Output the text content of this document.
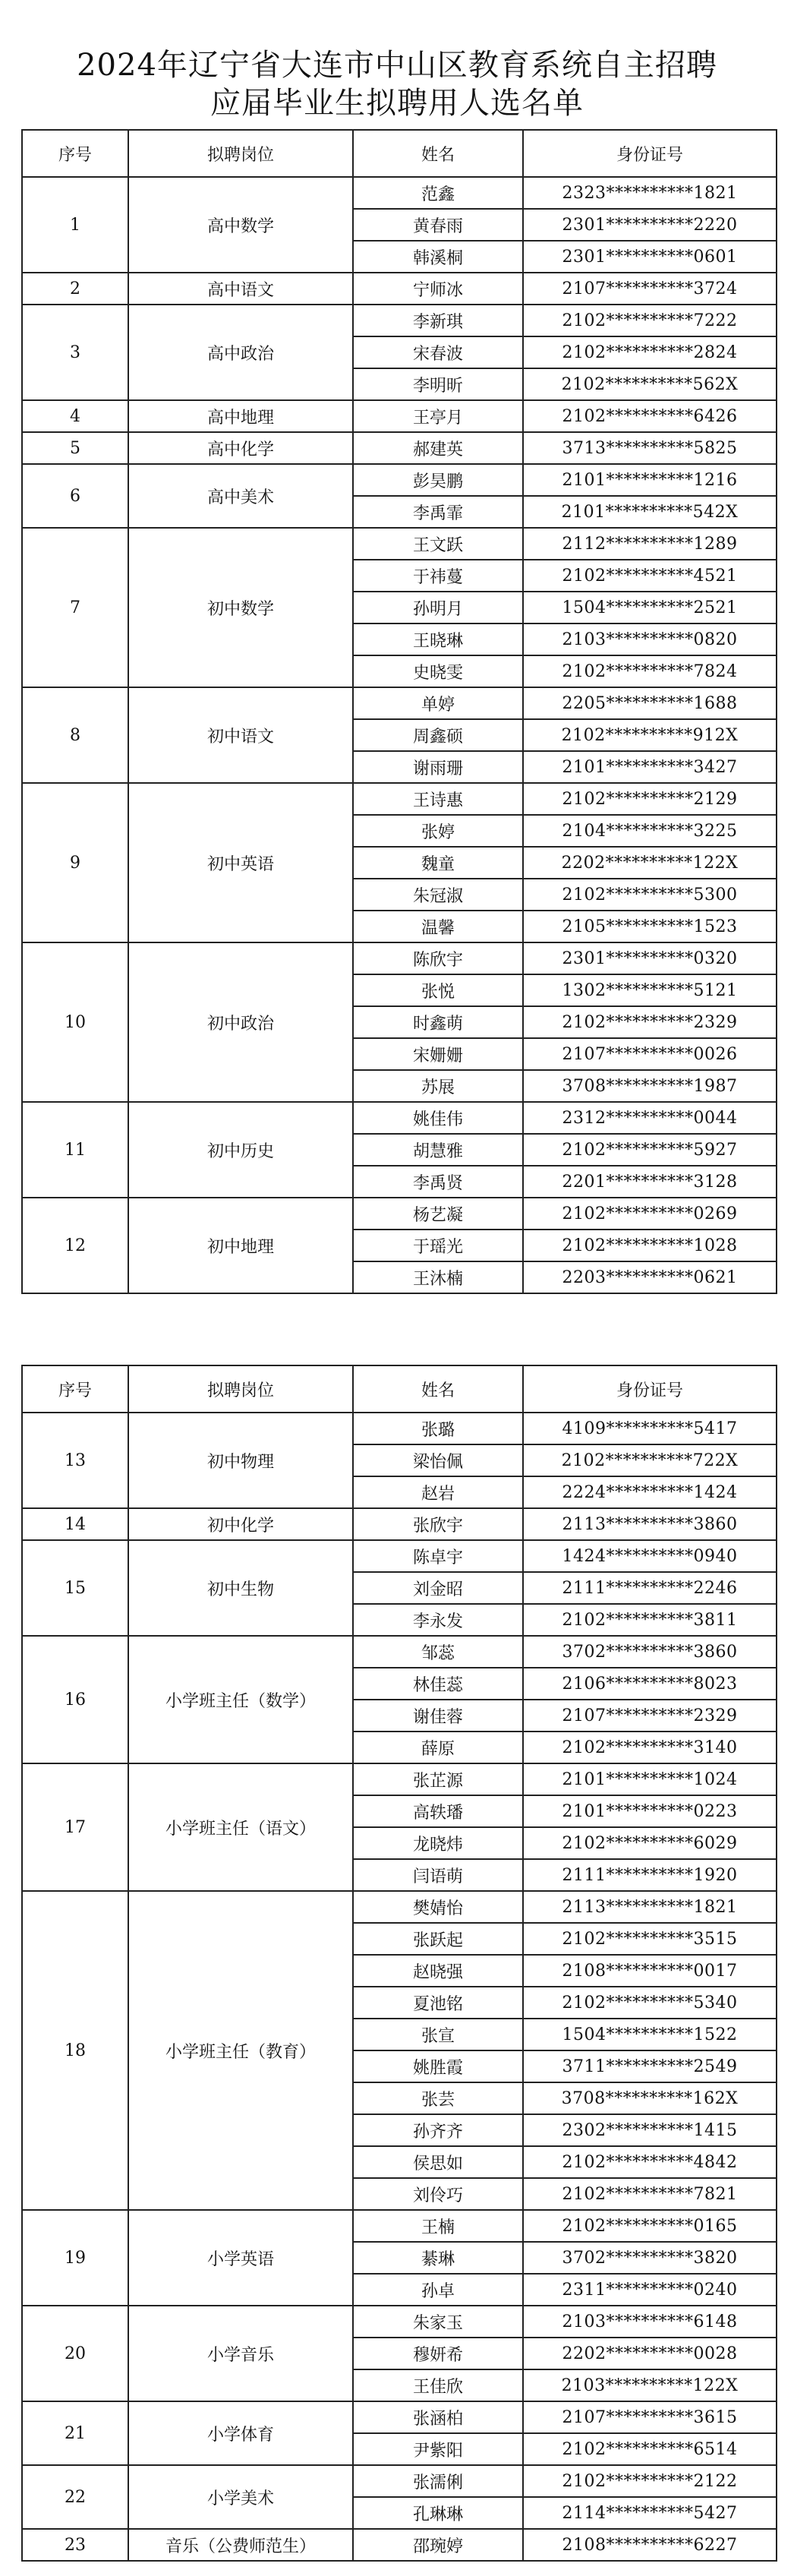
2024年辽宁省大连市中山区教育系统自主招聘
应届毕业生拟聘用人选名单
序号	拟聘岗位	姓名	身份证号
1	高中数学	范鑫	2323**********1821
		黄春雨	2301**********2220
		韩溪桐	2301**********0601
2	高中语文	宁师冰	2107**********3724
3	高中政治	李新琪	2102**********7222
		宋春波	2102**********2824
		李明昕	2102**********562X
4	高中地理	王亭月	2102**********6426
5	高中化学	郝建英	3713**********5825
6	高中美术	彭昊鹏	2101**********1216
		李禹霏	2101**********542X
7	初中数学	王文跃	2112**********1289
		于祎蔓	2102**********4521
		孙明月	1504**********2521
		王晓琳	2103**********0820
		史晓雯	2102**********7824
8	初中语文	单婷	2205**********1688
		周鑫硕	2102**********912X
		谢雨珊	2101**********3427
9	初中英语	王诗惠	2102**********2129
		张婷	2104**********3225
		魏童	2202**********122X
		朱冠淑	2102**********5300
		温馨	2105**********1523
10	初中政治	陈欣宇	2301**********0320
		张悦	1302**********5121
		时鑫萌	2102**********2329
		宋姗姗	2107**********0026
		苏展	3708**********1987
11	初中历史	姚佳伟	2312**********0044
		胡慧雅	2102**********5927
		李禹贤	2201**********3128
12	初中地理	杨艺凝	2102**********0269
		于瑶光	2102**********1028
		王沐楠	2203**********0621
序号	拟聘岗位	姓名	身份证号
13	初中物理	张璐	4109**********5417
		梁怡佩	2102**********722X
		赵岩	2224**********1424
14	初中化学	张欣宇	2113**********3860
15	初中生物	陈卓宇	1424**********0940
		刘金昭	2111**********2246
		李永发	2102**********3811
16	小学班主任（数学）	邹蕊	3702**********3860
		林佳蕊	2106**********8023
		谢佳蓉	2107**********2329
		薛原	2102**********3140
17	小学班主任（语文）	张芷源	2101**********1024
		高轶璠	2101**********0223
		龙晓炜	2102**********6029
		闫语萌	2111**********1920
18	小学班主任（教育）	樊婧怡	2113**********1821
		张跃起	2102**********3515
		赵晓强	2108**********0017
		夏池铭	2102**********5340
		张宣	1504**********1522
		姚胜霞	3711**********2549
		张芸	3708**********162X
		孙齐齐	2302**********1415
		侯思如	2102**********4842
		刘伶巧	2102**********7821
19	小学英语	王楠	2102**********0165
		綦琳	3702**********3820
		孙卓	2311**********0240
20	小学音乐	朱家玉	2103**********6148
		穆妍希	2202**********0028
		王佳欣	2103**********122X
21	小学体育	张涵柏	2107**********3615
		尹紫阳	2102**********6514
22	小学美术	张濡俐	2102**********2122
		孔琳琳	2114**********5427
23	音乐（公费师范生）	邵琬婷	2108**********6227
